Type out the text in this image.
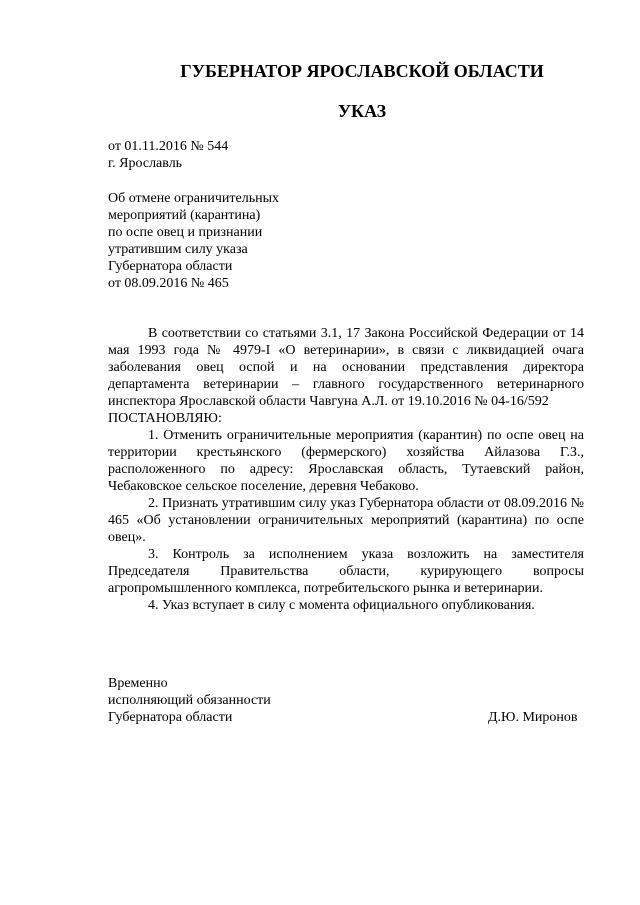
ГУБЕРНАТОР ЯРОСЛАВСКОЙ ОБЛАСТИ
УКАЗ
от 01.11.2016 № 544
г. Ярославль
Об отмене ограничительных
мероприятий (карантина)
по оспе овец и признании
утратившим силу указа
Губернатора области
от 08.09.2016 № 465

В соответствии со статьями 3.1, 17 Закона Российской Федерации от 14 мая 1993 года № 4979-I «О ветеринарии», в связи с ликвидацией очага заболевания овец оспой и на основании представления директора департамента ветеринарии – главного государственного ветеринарного инспектора Ярославской области Чавгуна А.Л. от 19.10.2016 № 04-16/592

ПОСТАНОВЛЯЮ:

1. Отменить ограничительные мероприятия (карантин) по оспе овец на территории крестьянского (фермерского) хозяйства Айлазова Г.З., расположенного по адресу: Ярославская область, Тутаевский район, Чебаковское сельское поселение, деревня Чебаково.

2. Признать утратившим силу указ Губернатора области от 08.09.2016 № 465 «Об установлении ограничительных мероприятий (карантина) по оспе овец».

3. Контроль за исполнением указа возложить на заместителя Председателя Правительства области, курирующего вопросы агропромышленного комплекса, потребительского рынка и ветеринарии.

4. Указ вступает в силу с момента официального опубликования.

Временно
исполняющий обязанности
Губернатора области	Д.Ю. Миронов
